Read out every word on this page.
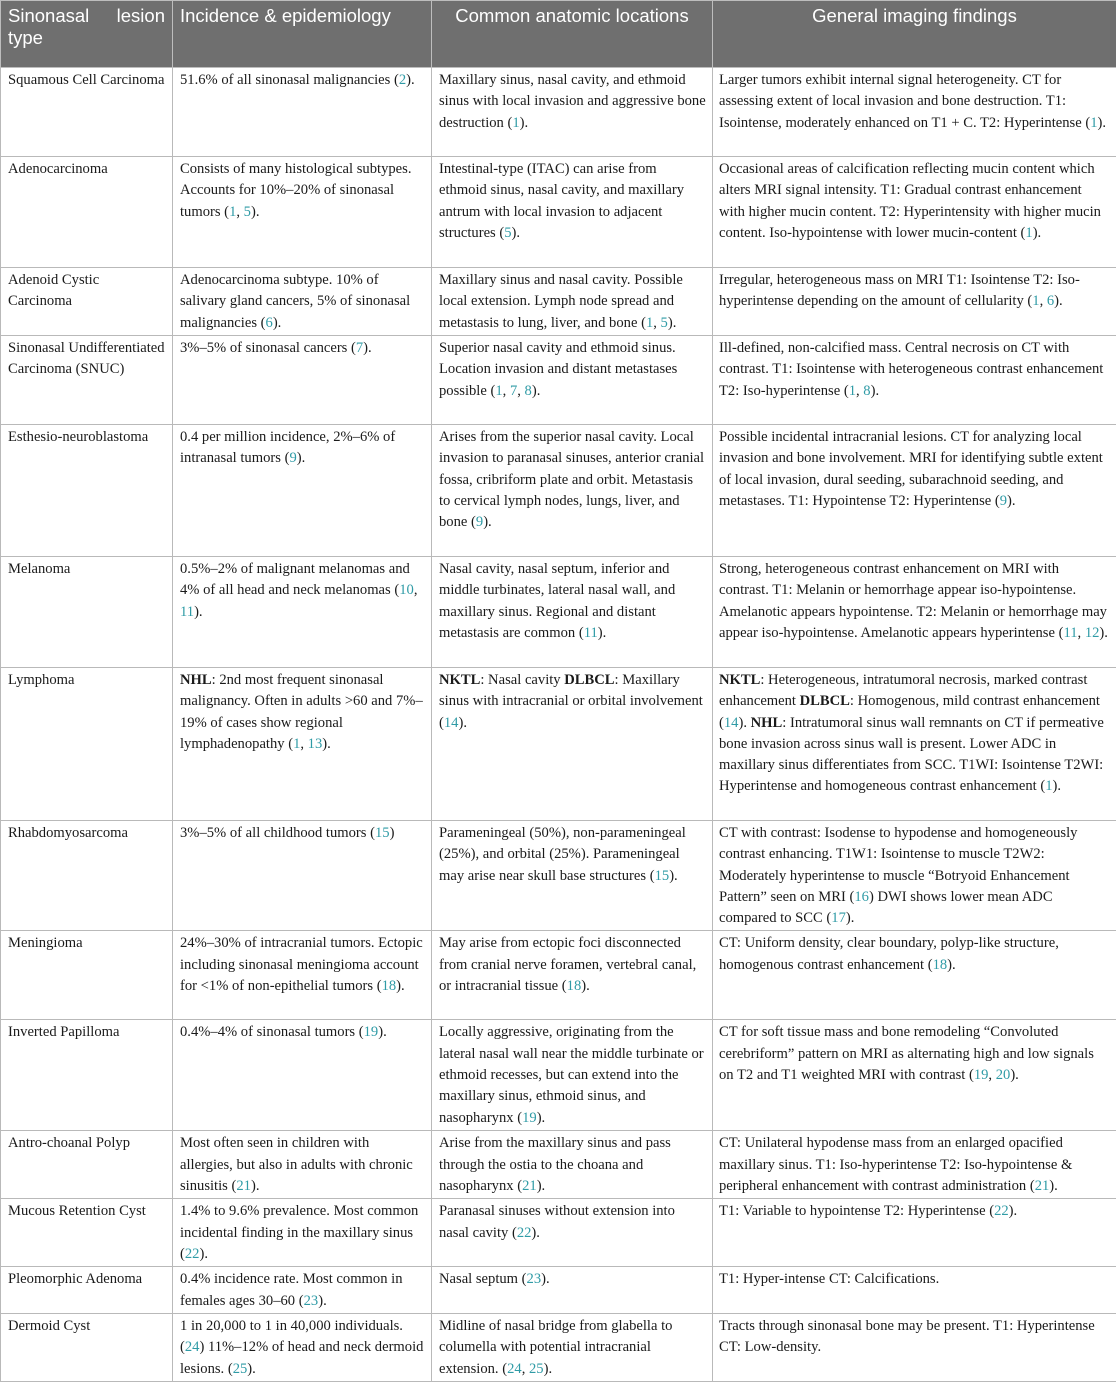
Sinonasal lesion type	Incidence & epidemiology	Common anatomic locations	General imaging findings
Squamous Cell Carcinoma	51.6% of all sinonasal malignancies (2).	Maxillary sinus, nasal cavity, and ethmoid sinus with local invasion and aggressive bone destruction (1).	Larger tumors exhibit internal signal heterogeneity. CT for assessing extent of local invasion and bone destruction. T1: Isointense, moderately enhanced on T1 + C. T2: Hyperintense (1).
Adenocarcinoma	Consists of many histological subtypes. Accounts for 10%–20% of sinonasal tumors (1, 5).	Intestinal-type (ITAC) can arise from ethmoid sinus, nasal cavity, and maxillary antrum with local invasion to adjacent structures (5).	Occasional areas of calcification reflecting mucin content which alters MRI signal intensity. T1: Gradual contrast enhancement with higher mucin content. T2: Hyperintensity with higher mucin content. Iso-hypointense with lower mucin-content (1).
Adenoid Cystic Carcinoma	Adenocarcinoma subtype. 10% of salivary gland cancers, 5% of sinonasal malignancies (6).	Maxillary sinus and nasal cavity. Possible local extension. Lymph node spread and metastasis to lung, liver, and bone (1, 5).	Irregular, heterogeneous mass on MRI T1: Isointense T2: Iso-hyperintense depending on the amount of cellularity (1, 6).
Sinonasal Undifferentiated Carcinoma (SNUC)	3%–5% of sinonasal cancers (7).	Superior nasal cavity and ethmoid sinus. Location invasion and distant metastases possible (1, 7, 8).	Ill-defined, non-calcified mass. Central necrosis on CT with contrast. T1: Isointense with heterogeneous contrast enhancement T2: Iso-hyperintense (1, 8).
Esthesio-neuroblastoma	0.4 per million incidence, 2%–6% of intranasal tumors (9).	Arises from the superior nasal cavity. Local invasion to paranasal sinuses, anterior cranial fossa, cribriform plate and orbit. Metastasis to cervical lymph nodes, lungs, liver, and bone (9).	Possible incidental intracranial lesions. CT for analyzing local invasion and bone involvement. MRI for identifying subtle extent of local invasion, dural seeding, subarachnoid seeding, and metastases. T1: Hypointense T2: Hyperintense (9).
Melanoma	0.5%–2% of malignant melanomas and 4% of all head and neck melanomas (10, 11).	Nasal cavity, nasal septum, inferior and middle turbinates, lateral nasal wall, and maxillary sinus. Regional and distant metastasis are common (11).	Strong, heterogeneous contrast enhancement on MRI with contrast. T1: Melanin or hemorrhage appear iso-hypointense. Amelanotic appears hypointense. T2: Melanin or hemorrhage may appear iso-hypointense. Amelanotic appears hyperintense (11, 12).
Lymphoma	NHL: 2nd most frequent sinonasal malignancy. Often in adults >60 and 7%–19% of cases show regional lymphadenopathy (1, 13).	NKTL: Nasal cavity DLBCL: Maxillary sinus with intracranial or orbital involvement (14).	NKTL: Heterogeneous, intratumoral necrosis, marked contrast enhancement DLBCL: Homogenous, mild contrast enhancement (14). NHL: Intratumoral sinus wall remnants on CT if permeative bone invasion across sinus wall is present. Lower ADC in maxillary sinus differentiates from SCC. T1WI: Isointense T2WI: Hyperintense and homogeneous contrast enhancement (1).
Rhabdomyosarcoma	3%–5% of all childhood tumors (15)	Parameningeal (50%), non-parameningeal (25%), and orbital (25%). Parameningeal may arise near skull base structures (15).	CT with contrast: Isodense to hypodense and homogeneously contrast enhancing. T1W1: Isointense to muscle T2W2: Moderately hyperintense to muscle “Botryoid Enhancement Pattern” seen on MRI (16) DWI shows lower mean ADC compared to SCC (17).
Meningioma	24%–30% of intracranial tumors. Ectopic including sinonasal meningioma account for <1% of non-epithelial tumors (18).	May arise from ectopic foci disconnected from cranial nerve foramen, vertebral canal, or intracranial tissue (18).	CT: Uniform density, clear boundary, polyp-like structure, homogenous contrast enhancement (18).
Inverted Papilloma	0.4%–4% of sinonasal tumors (19).	Locally aggressive, originating from the lateral nasal wall near the middle turbinate or ethmoid recesses, but can extend into the maxillary sinus, ethmoid sinus, and nasopharynx (19).	CT for soft tissue mass and bone remodeling “Convoluted cerebriform” pattern on MRI as alternating high and low signals on T2 and T1 weighted MRI with contrast (19, 20).
Antro-choanal Polyp	Most often seen in children with allergies, but also in adults with chronic sinusitis (21).	Arise from the maxillary sinus and pass through the ostia to the choana and nasopharynx (21).	CT: Unilateral hypodense mass from an enlarged opacified maxillary sinus. T1: Iso-hyperintense T2: Iso-hypointense & peripheral enhancement with contrast administration (21).
Mucous Retention Cyst	1.4% to 9.6% prevalence. Most common incidental finding in the maxillary sinus (22).	Paranasal sinuses without extension into nasal cavity (22).	T1: Variable to hypointense T2: Hyperintense (22).
Pleomorphic Adenoma	0.4% incidence rate. Most common in females ages 30–60 (23).	Nasal septum (23).	T1: Hyper-intense CT: Calcifications.
Dermoid Cyst	1 in 20,000 to 1 in 40,000 individuals. (24) 11%–12% of head and neck dermoid lesions. (25).	Midline of nasal bridge from glabella to columella with potential intracranial extension. (24, 25).	Tracts through sinonasal bone may be present. T1: Hyperintense CT: Low-density.
